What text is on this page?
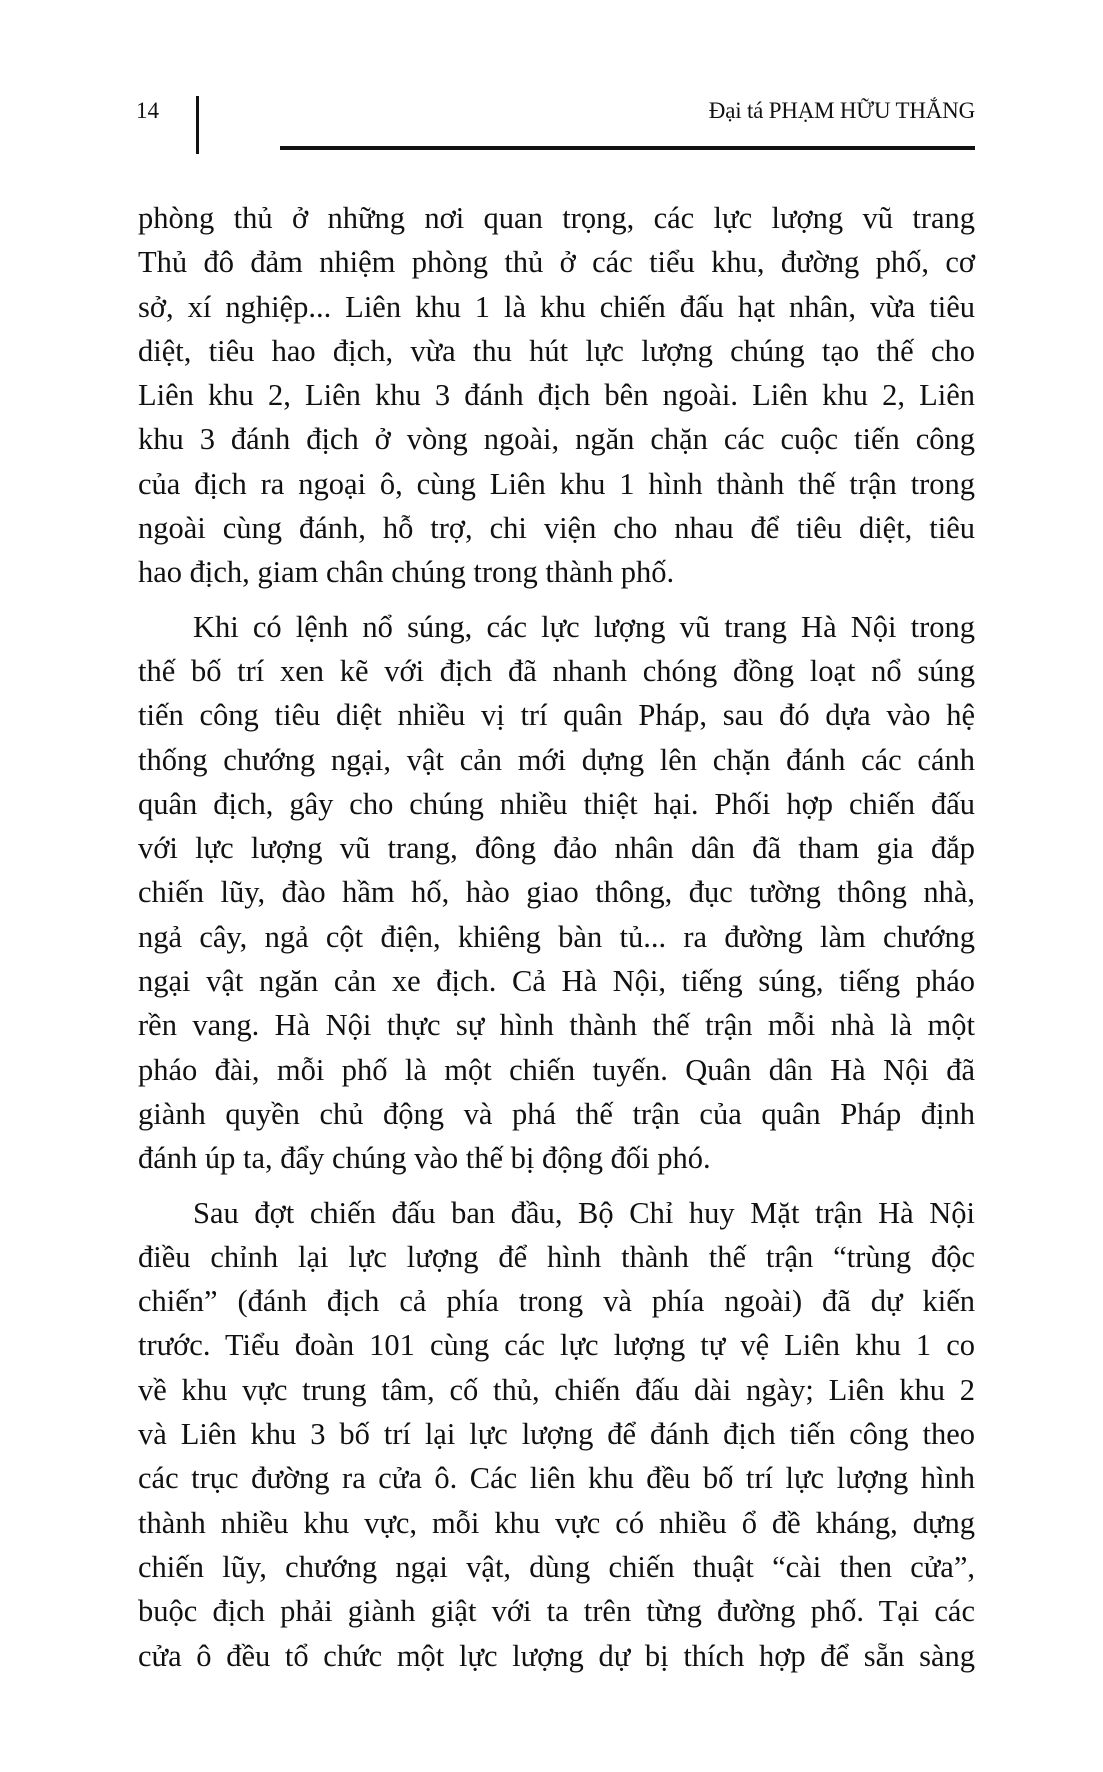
14	Đại tá PHẠM HỮU THẮNG

phòng thủ ở những nơi quan trọng, các lực lượng vũ trang
Thủ đô đảm nhiệm phòng thủ ở các tiểu khu, đường phố, cơ
sở, xí nghiệp... Liên khu 1 là khu chiến đấu hạt nhân, vừa tiêu
diệt, tiêu hao địch, vừa thu hút lực lượng chúng tạo thế cho
Liên khu 2, Liên khu 3 đánh địch bên ngoài. Liên khu 2, Liên
khu 3 đánh địch ở vòng ngoài, ngăn chặn các cuộc tiến công
của địch ra ngoại ô, cùng Liên khu 1 hình thành thế trận trong
ngoài cùng đánh, hỗ trợ, chi viện cho nhau để tiêu diệt, tiêu
hao địch, giam chân chúng trong thành phố.

Khi có lệnh nổ súng, các lực lượng vũ trang Hà Nội trong
thế bố trí xen kẽ với địch đã nhanh chóng đồng loạt nổ súng
tiến công tiêu diệt nhiều vị trí quân Pháp, sau đó dựa vào hệ
thống chướng ngại, vật cản mới dựng lên chặn đánh các cánh
quân địch, gây cho chúng nhiều thiệt hại. Phối hợp chiến đấu
với lực lượng vũ trang, đông đảo nhân dân đã tham gia đắp
chiến lũy, đào hầm hố, hào giao thông, đục tường thông nhà,
ngả cây, ngả cột điện, khiêng bàn tủ... ra đường làm chướng
ngại vật ngăn cản xe địch. Cả Hà Nội, tiếng súng, tiếng pháo
rền vang. Hà Nội thực sự hình thành thế trận mỗi nhà là một
pháo đài, mỗi phố là một chiến tuyến. Quân dân Hà Nội đã
giành quyền chủ động và phá thế trận của quân Pháp định
đánh úp ta, đẩy chúng vào thế bị động đối phó.

Sau đợt chiến đấu ban đầu, Bộ Chỉ huy Mặt trận Hà Nội
điều chỉnh lại lực lượng để hình thành thế trận “trùng độc
chiến” (đánh địch cả phía trong và phía ngoài) đã dự kiến
trước. Tiểu đoàn 101 cùng các lực lượng tự vệ Liên khu 1 co
về khu vực trung tâm, cố thủ, chiến đấu dài ngày; Liên khu 2
và Liên khu 3 bố trí lại lực lượng để đánh địch tiến công theo
các trục đường ra cửa ô. Các liên khu đều bố trí lực lượng hình
thành nhiều khu vực, mỗi khu vực có nhiều ổ đề kháng, dựng
chiến lũy, chướng ngại vật, dùng chiến thuật “cài then cửa”,
buộc địch phải giành giật với ta trên từng đường phố. Tại các
cửa ô đều tổ chức một lực lượng dự bị thích hợp để sẵn sàng
